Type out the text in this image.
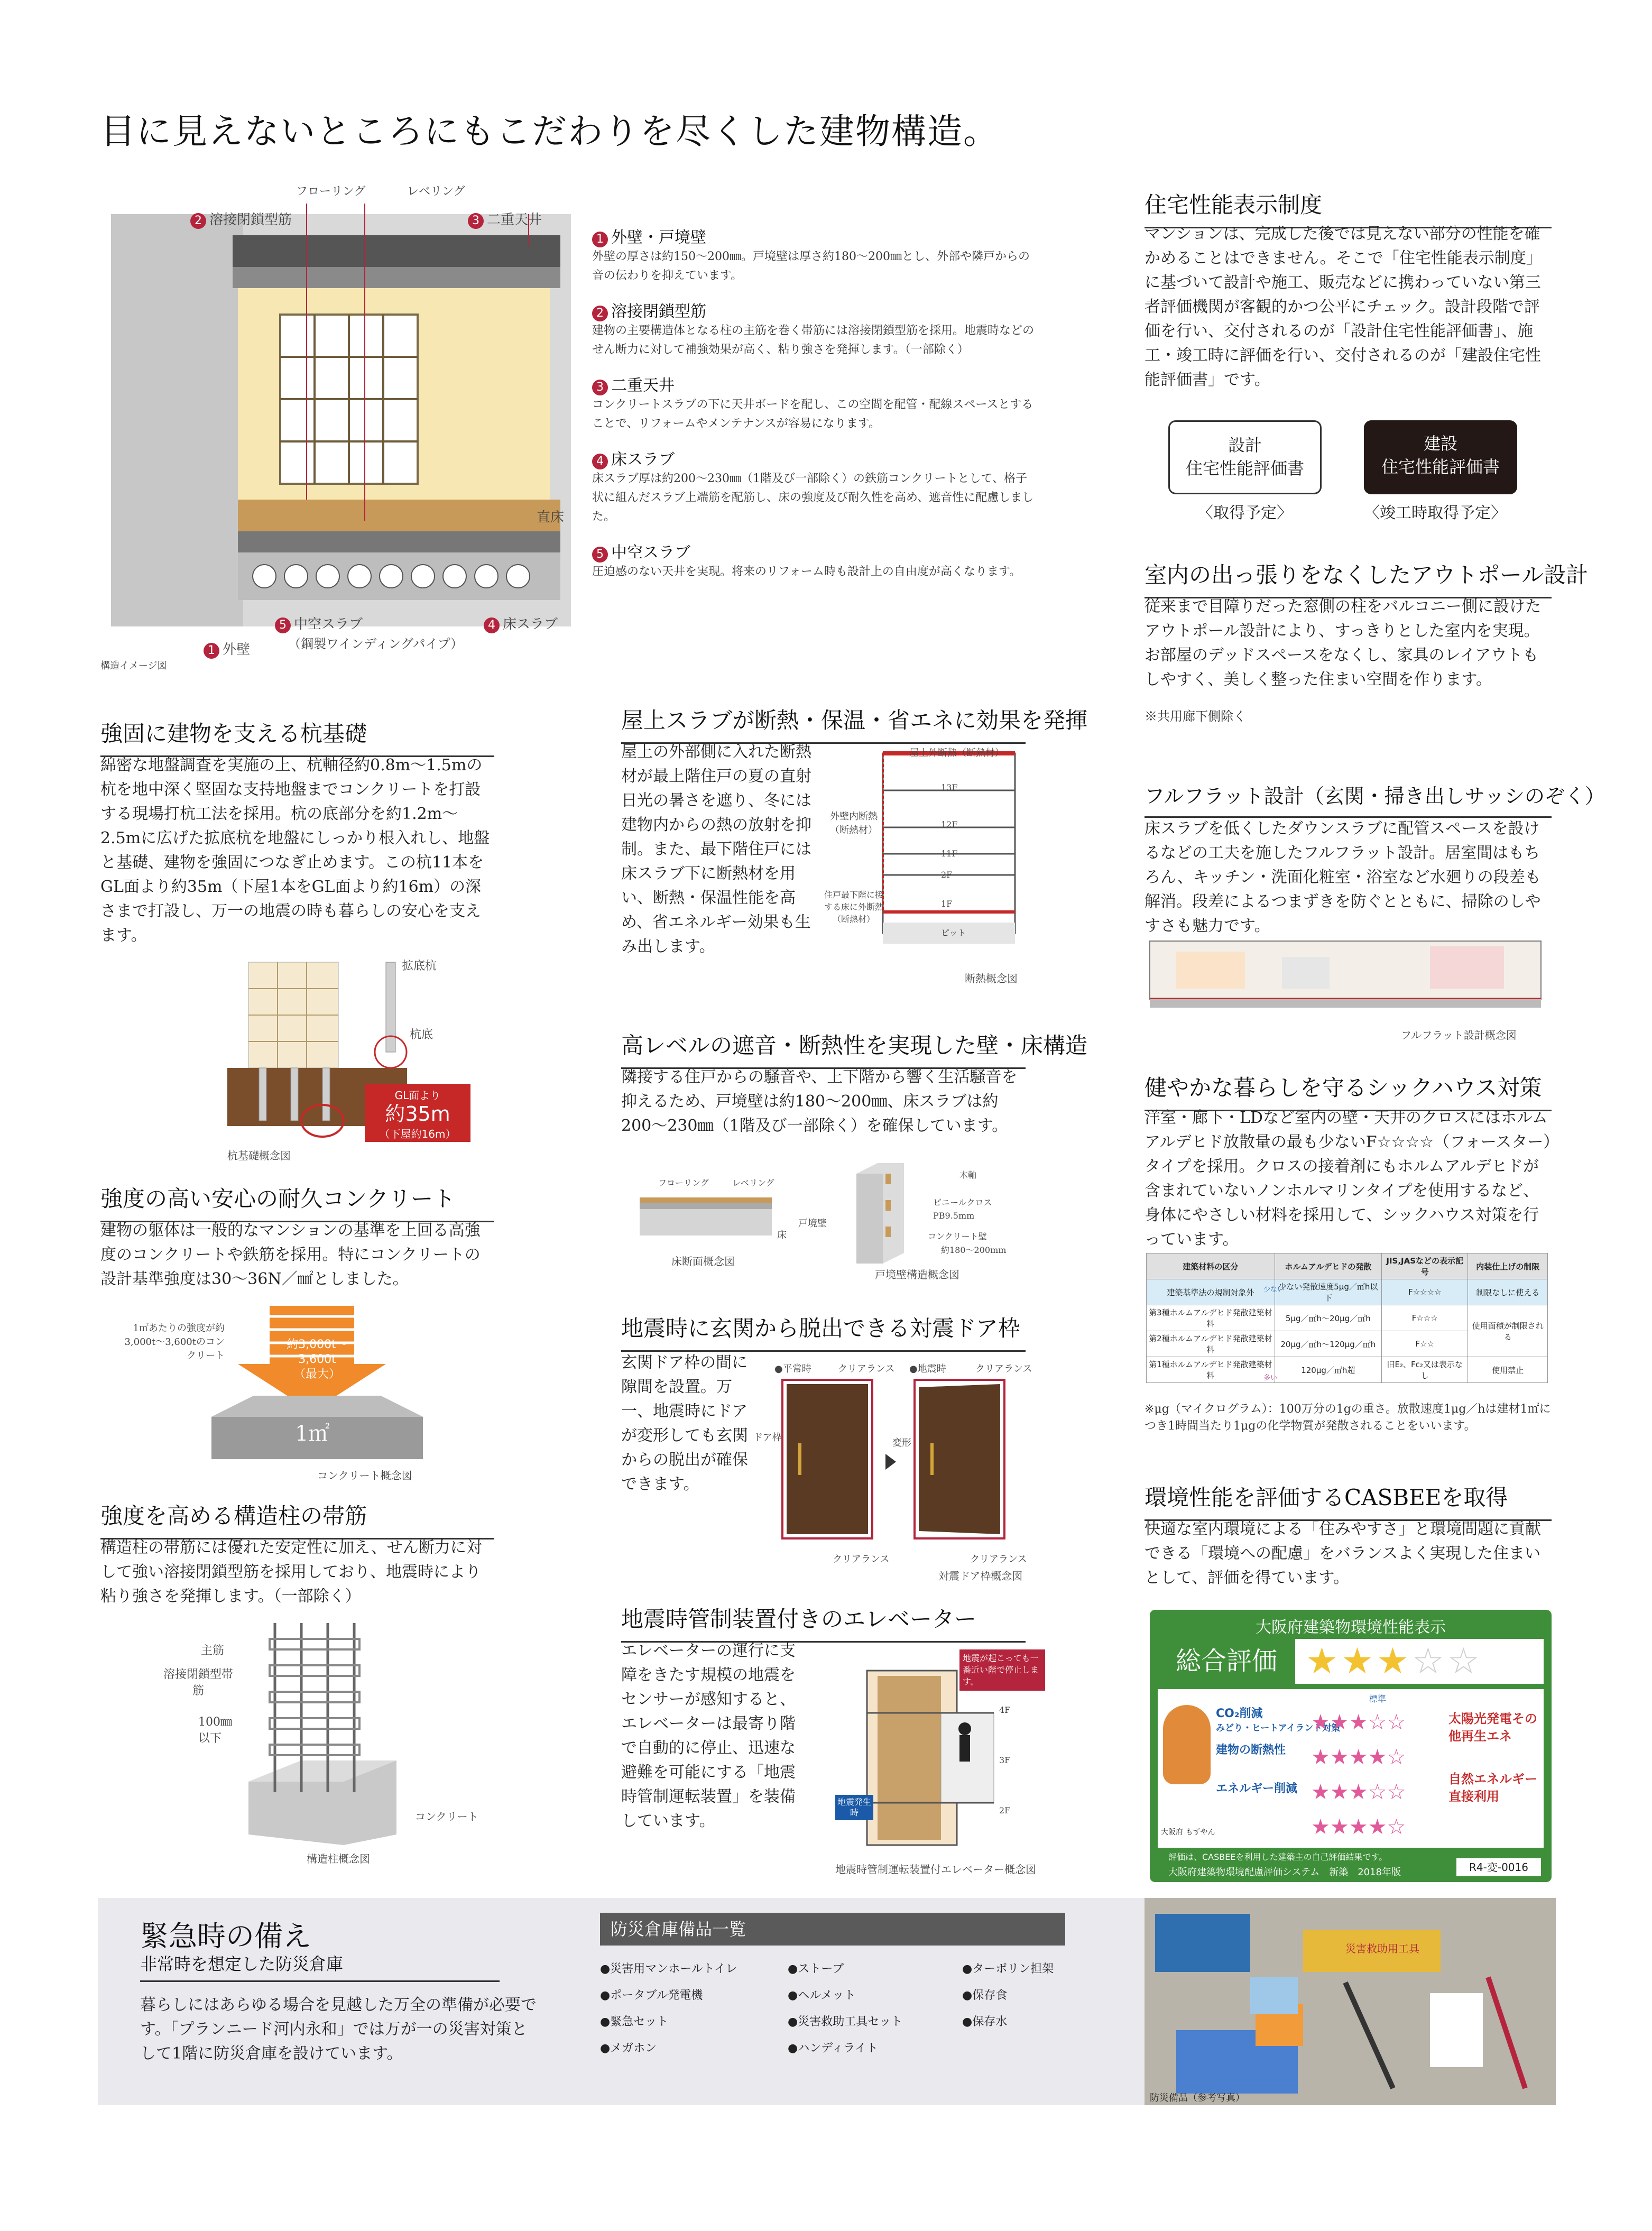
目に見えないところにもこだわりを尽くした建物構造。
フローリング	レベリング
2 溶接閉鎖型筋	3 二重天井
直床
5 中空スラブ
（鋼製ワインディングパイプ）
4 床スラブ
1 外壁
構造イメージ図
1 外壁・戸境壁
外壁の厚さは約150～200㎜。戸境壁は厚さ約180～200㎜とし、外部や隣戸からの音の伝わりを抑えています。
2 溶接閉鎖型筋
建物の主要構造体となる柱の主筋を巻く帯筋には溶接閉鎖型筋を採用。地震時などのせん断力に対して補強効果が高く、粘り強さを発揮します。（一部除く）
3 二重天井
コンクリートスラブの下に天井ボードを配し、この空間を配管・配線スペースとすることで、リフォームやメンテナンスが容易になります。
4 床スラブ
床スラブ厚は約200～230㎜（1階及び一部除く）の鉄筋コンクリートとして、格子状に組んだスラブ上端筋を配筋し、床の強度及び耐久性を高め、遮音性に配慮しました。
5 中空スラブ
圧迫感のない天井を実現。将来のリフォーム時も設計上の自由度が高くなります。
住宅性能表示制度
マンションは、完成した後では見えない部分の性能を確かめることはできません。そこで「住宅性能表示制度」に基づいて設計や施工、販売などに携わっていない第三者評価機関が客観的かつ公平にチェック。設計段階で評価を行い、交付されるのが「設計住宅性能評価書」、施工・竣工時に評価を行い、交付されるのが「建設住宅性能評価書」です。
設計
住宅性能評価書
〈取得予定〉
建設
住宅性能評価書
〈竣工時取得予定〉
室内の出っ張りをなくしたアウトポール設計
従来まで目障りだった窓側の柱をバルコニー側に設けたアウトポール設計により、すっきりとした室内を実現。お部屋のデッドスペースをなくし、家具のレイアウトもしやすく、美しく整った住まい空間を作ります。
※共用廊下側除く
フルフラット設計（玄関・掃き出しサッシのぞく）
床スラブを低くしたダウンスラブに配管スペースを設けるなどの工夫を施したフルフラット設計。居室間はもちろん、キッチン・洗面化粧室・浴室など水廻りの段差も解消。段差によるつまずきを防ぐとともに、掃除のしやすさも魅力です。
フルフラット設計概念図
健やかな暮らしを守るシックハウス対策
洋室・廊下・LDなど室内の壁・天井のクロスにはホルムアルデヒド放散量の最も少ないF☆☆☆☆（フォースター）タイプを採用。クロスの接着剤にもホルムアルデヒドが含まれていないノンホルマリンタイプを使用するなど、身体にやさしい材料を採用して、シックハウス対策を行っています。
建築材料の区分	ホルムアルデヒドの発散	JIS,JASなどの表示記号	内装仕上げの制限
建築基準法の規制対象外	少ない発散速度5μg／㎡h以下	F☆☆☆☆	制限なしに使える
第3種ホルムアルデヒド発散建築材料	5μg／㎡h～20μg／㎡h	F☆☆☆	使用面積が制限される
第2種ホルムアルデヒド発散建築材料	20μg／㎡h～120μg／㎡h	F☆☆	
第1種ホルムアルデヒド発散建築材料	120μg／㎡h超	旧E₂、Fc₂又は表示なし	使用禁止
少ない
多い
※μg（マイクログラム）：100万分の1gの重さ。放散速度1μg／hは建材1㎡につき1時間当たり1μgの化学物質が発散されることをいいます。
環境性能を評価するCASBEEを取得
快適な室内環境による「住みやすさ」と環境問題に貢献できる「環境への配慮」をバランスよく実現した住まいとして、評価を得ています。
大阪府建築物環境性能表示
総合評価 ★★★☆☆
大阪府 もずやん
CO₂削減
みどり・ヒートアイランド対策
建物の断熱性
エネルギー削減
標準
★★★☆☆
★★★★☆
★★★☆☆
★★★★☆
太陽光発電その他再生エネ
自然エネルギー直接利用
評価は、CASBEEを利用した建築主の自己評価結果です。
大阪府建築物環境配慮評価システム　新築　2018年版	R4-変-0016
強固に建物を支える杭基礎
綿密な地盤調査を実施の上、杭軸径約0.8m～1.5mの杭を地中深く堅固な支持地盤までコンクリートを打設する現場打杭工法を採用。杭の底部分を約1.2m～2.5mに広げた拡底杭を地盤にしっかり根入れし、地盤と基礎、建物を強固につなぎ止めます。この杭11本をGL面より約35m（下屋1本をGL面より約16m）の深さまで打設し、万一の地震の時も暮らしの安心を支えます。
拡底杭
杭底
GL面より
約35m
（下屋約16m）
杭基礎概念図
強度の高い安心の耐久コンクリート
建物の躯体は一般的なマンションの基準を上回る高強度のコンクリートや鉄筋を採用。特にコンクリートの設計基準強度は30～36N／㎟としました。
1㎡あたりの強度が約3,000t～3,600tのコンクリート
約3,000t～
3,600t
（最大）
1㎡
コンクリート概念図
強度を高める構造柱の帯筋
構造柱の帯筋には優れた安定性に加え、せん断力に対して強い溶接閉鎖型筋を採用しており、地震時により粘り強さを発揮します。（一部除く）
主筋
溶接閉鎖型帯筋
100㎜以下
コンクリート
構造柱概念図
屋上スラブが断熱・保温・省エネに効果を発揮
屋上の外部側に入れた断熱材が最上階住戸の夏の直射日光の暑さを遮り、冬には建物内からの熱の放射を抑制。また、最下階住戸には床スラブ下に断熱材を用い、断熱・保温性能を高め、省エネルギー効果も生み出します。
屋上外断熱（断熱材）
外壁内断熱（断熱材）
住戸最下階に接する床に外断熱（断熱材）
13F
12F
11F
2F
1F
ピット
断熱概念図
高レベルの遮音・断熱性を実現した壁・床構造
隣接する住戸からの騒音や、上下階から響く生活騒音を抑えるため、戸境壁は約180～200㎜、床スラブは約200～230㎜（1階及び一部除く）を確保しています。
フローリング	レベリング
床
床断面概念図
戸境壁
木軸
ビニールクロス
PB9.5mm
コンクリート壁
約180～200mm
戸境壁構造概念図
地震時に玄関から脱出できる対震ドア枠
玄関ドア枠の間に隙間を設置。万一、地震時にドアが変形しても玄関からの脱出が確保できます。
●平常時	クリアランス ●地震時	クリアランス
ドア枠	変形
クリアランス	クリアランス
対震ドア枠概念図
地震時管制装置付きのエレベーター
エレベーターの運行に支障をきたす規模の地震をセンサーが感知すると、エレベーターは最寄り階で自動的に停止、迅速な避難を可能にする「地震時管制運転装置」を装備しています。
地震が起こっても一番近い階で停止します。
地震発生時
4F
3F
2F
地震時管制運転装置付エレベーター概念図
緊急時の備え
非常時を想定した防災倉庫
暮らしにはあらゆる場合を見越した万全の準備が必要です。「プランニード河内永和」では万が一の災害対策として1階に防災倉庫を設けています。
防災倉庫備品一覧
●災害用マンホールトイレ
●ポータブル発電機
●緊急セット
●メガホン
●ストーブ
●ヘルメット
●災害救助工具セット
●ハンディライト
●ターポリン担架
●保存食
●保存水
災害救助用工具
防災備品（参考写真）
